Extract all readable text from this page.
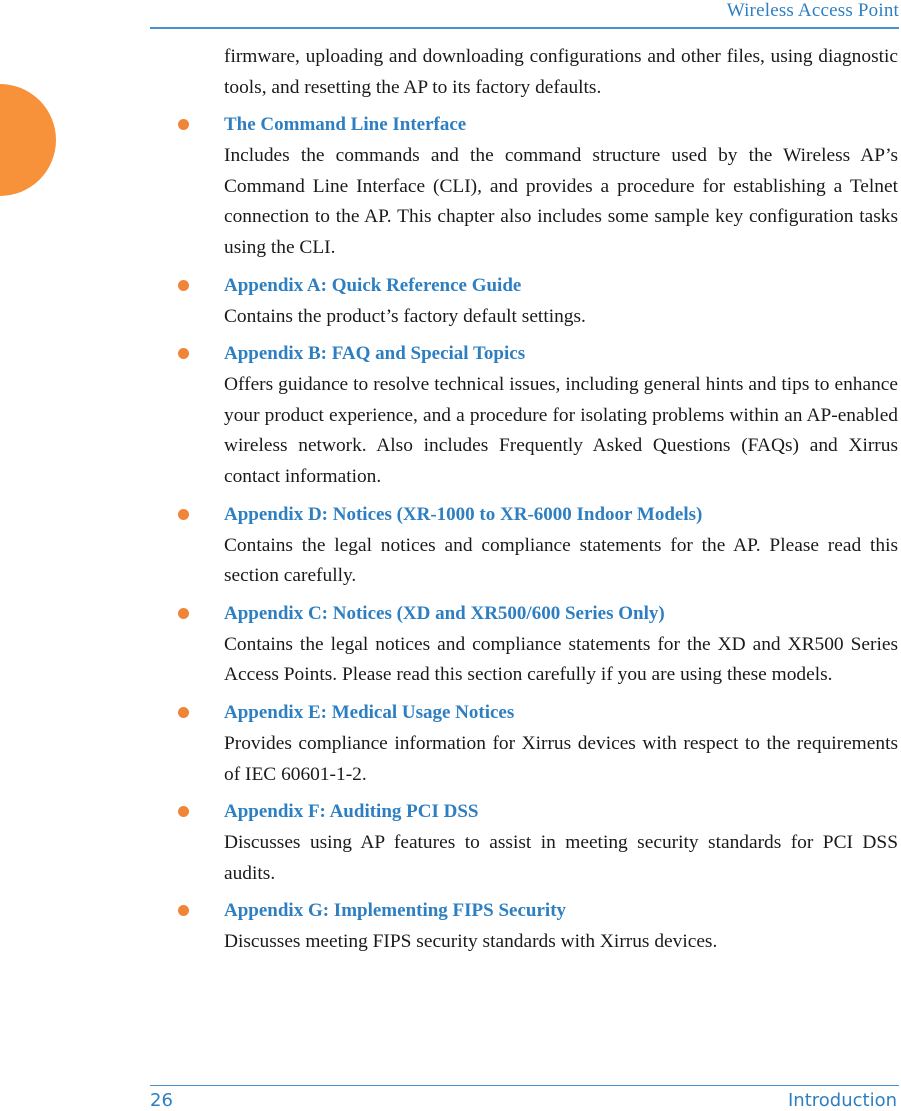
Wireless Access Point

firmware, uploading and downloading configurations and other files, using diagnostic tools, and resetting the AP to its factory defaults.

The Command Line Interface

Includes the commands and the command structure used by the Wireless AP’s Command Line Interface (CLI), and provides a procedure for establishing a Telnet connection to the AP. This chapter also includes some sample key configuration tasks using the CLI.

Appendix A: Quick Reference Guide

Contains the product’s factory default settings.

Appendix B: FAQ and Special Topics

Offers guidance to resolve technical issues, including general hints and tips to enhance your product experience, and a procedure for isolating problems within an AP-enabled wireless network. Also includes Frequently Asked Questions (FAQs) and Xirrus contact information.

Appendix D: Notices (XR-1000 to XR-6000 Indoor Models)

Contains the legal notices and compliance statements for the AP. Please read this section carefully.

Appendix C: Notices (XD and XR500/600 Series Only)

Contains the legal notices and compliance statements for the XD and XR500 Series Access Points. Please read this section carefully if you are using these models.

Appendix E: Medical Usage Notices

Provides compliance information for Xirrus devices with respect to the requirements of IEC 60601-1-2.

Appendix F: Auditing PCI DSS

Discusses using AP features to assist in meeting security standards for PCI DSS audits.

Appendix G: Implementing FIPS Security

Discusses meeting FIPS security standards with Xirrus devices.

26	Introduction
